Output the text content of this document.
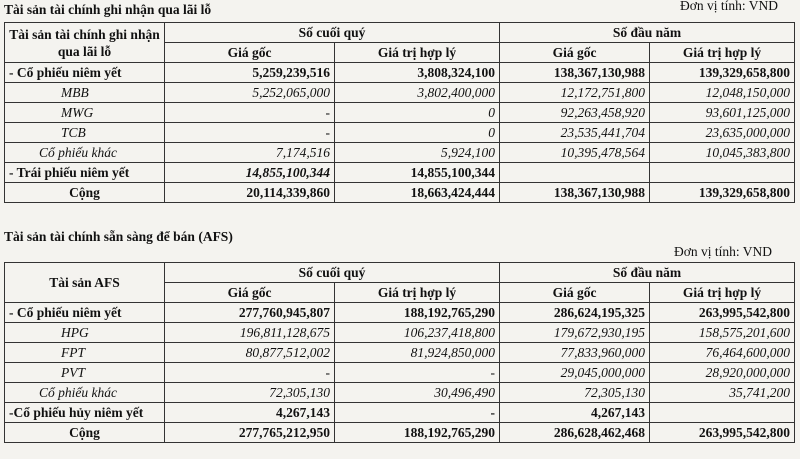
Tài sản tài chính ghi nhận qua lãi lỗ	Đơn vị tính: VND
Tài sản tài chính ghi nhận qua lãi lỗ	Số cuối quý		Số đầu năm	
	Giá gốc	Giá trị hợp lý	Giá gốc	Giá trị hợp lý
- Cổ phiếu niêm yết	5,259,239,516	3,808,324,100	138,367,130,988	139,329,658,800
MBB	5,252,065,000	3,802,400,000	12,172,751,800	12,048,150,000
MWG	-	0	92,263,458,920	93,601,125,000
TCB	-	0	23,535,441,704	23,635,000,000
Cổ phiếu khác	7,174,516	5,924,100	10,395,478,564	10,045,383,800
- Trái phiếu niêm yết	14,855,100,344	14,855,100,344		
Cộng	20,114,339,860	18,663,424,444	138,367,130,988	139,329,658,800
Tài sản tài chính sẵn sàng để bán (AFS)
Đơn vị tính: VND
Tài sản AFS	Số cuối quý		Số đầu năm	
	Giá gốc	Giá trị hợp lý	Giá gốc	Giá trị hợp lý
- Cổ phiếu niêm yết	277,760,945,807	188,192,765,290	286,624,195,325	263,995,542,800
HPG	196,811,128,675	106,237,418,800	179,672,930,195	158,575,201,600
FPT	80,877,512,002	81,924,850,000	77,833,960,000	76,464,600,000
PVT	-	-	29,045,000,000	28,920,000,000
Cổ phiếu khác	72,305,130	30,496,490	72,305,130	35,741,200
-Cổ phiếu hủy niêm yết	4,267,143	-	4,267,143	
Cộng	277,765,212,950	188,192,765,290	286,628,462,468	263,995,542,800
